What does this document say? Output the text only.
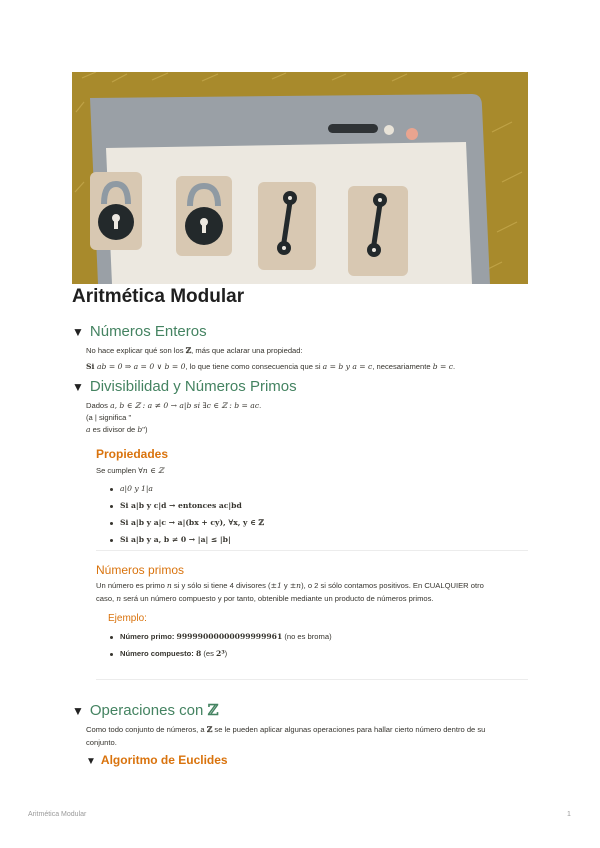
Aritmética Modular
▼ Números Enteros
No hace explicar qué son los ℤ, más que aclarar una propiedad:
Si ab = 0 ⇒ a = 0 ∨ b = 0, lo que tiene como consecuencia que si a = b y a = c, necesariamente b = c.
▼ Divisibilidad y Números Primos
Dados a, b ∈ ℤ : a ≠ 0 → a|b si ∃c ∈ ℤ : b = ac.
(a | significa "
a es divisor de b")
Propiedades
Se cumplen ∀n ∈ ℤ
a|0 y 1|a
Si a|b y c|d → entonces ac|bd
Si a|b y a|c → a|(bx + cy), ∀x, y ∈ ℤ
Si a|b y a, b ≠ 0 → |a| ≤ |b|
Números primos
Un número es primo n si y sólo si tiene 4 divisores (±1 y ±n), o 2 si sólo contamos positivos. En CUALQUIER otro
caso, n será un número compuesto y por tanto, obtenible mediante un producto de números primos.
Ejemplo:
Número primo: 99999000000099999961 (no es broma)
Número compuesto: 8 (es 2³)
▼ Operaciones con ℤ
Como todo conjunto de números, a ℤ se le pueden aplicar algunas operaciones para hallar cierto número dentro de su
conjunto.
▼ Algoritmo de Euclides
Aritmética Modular	1
